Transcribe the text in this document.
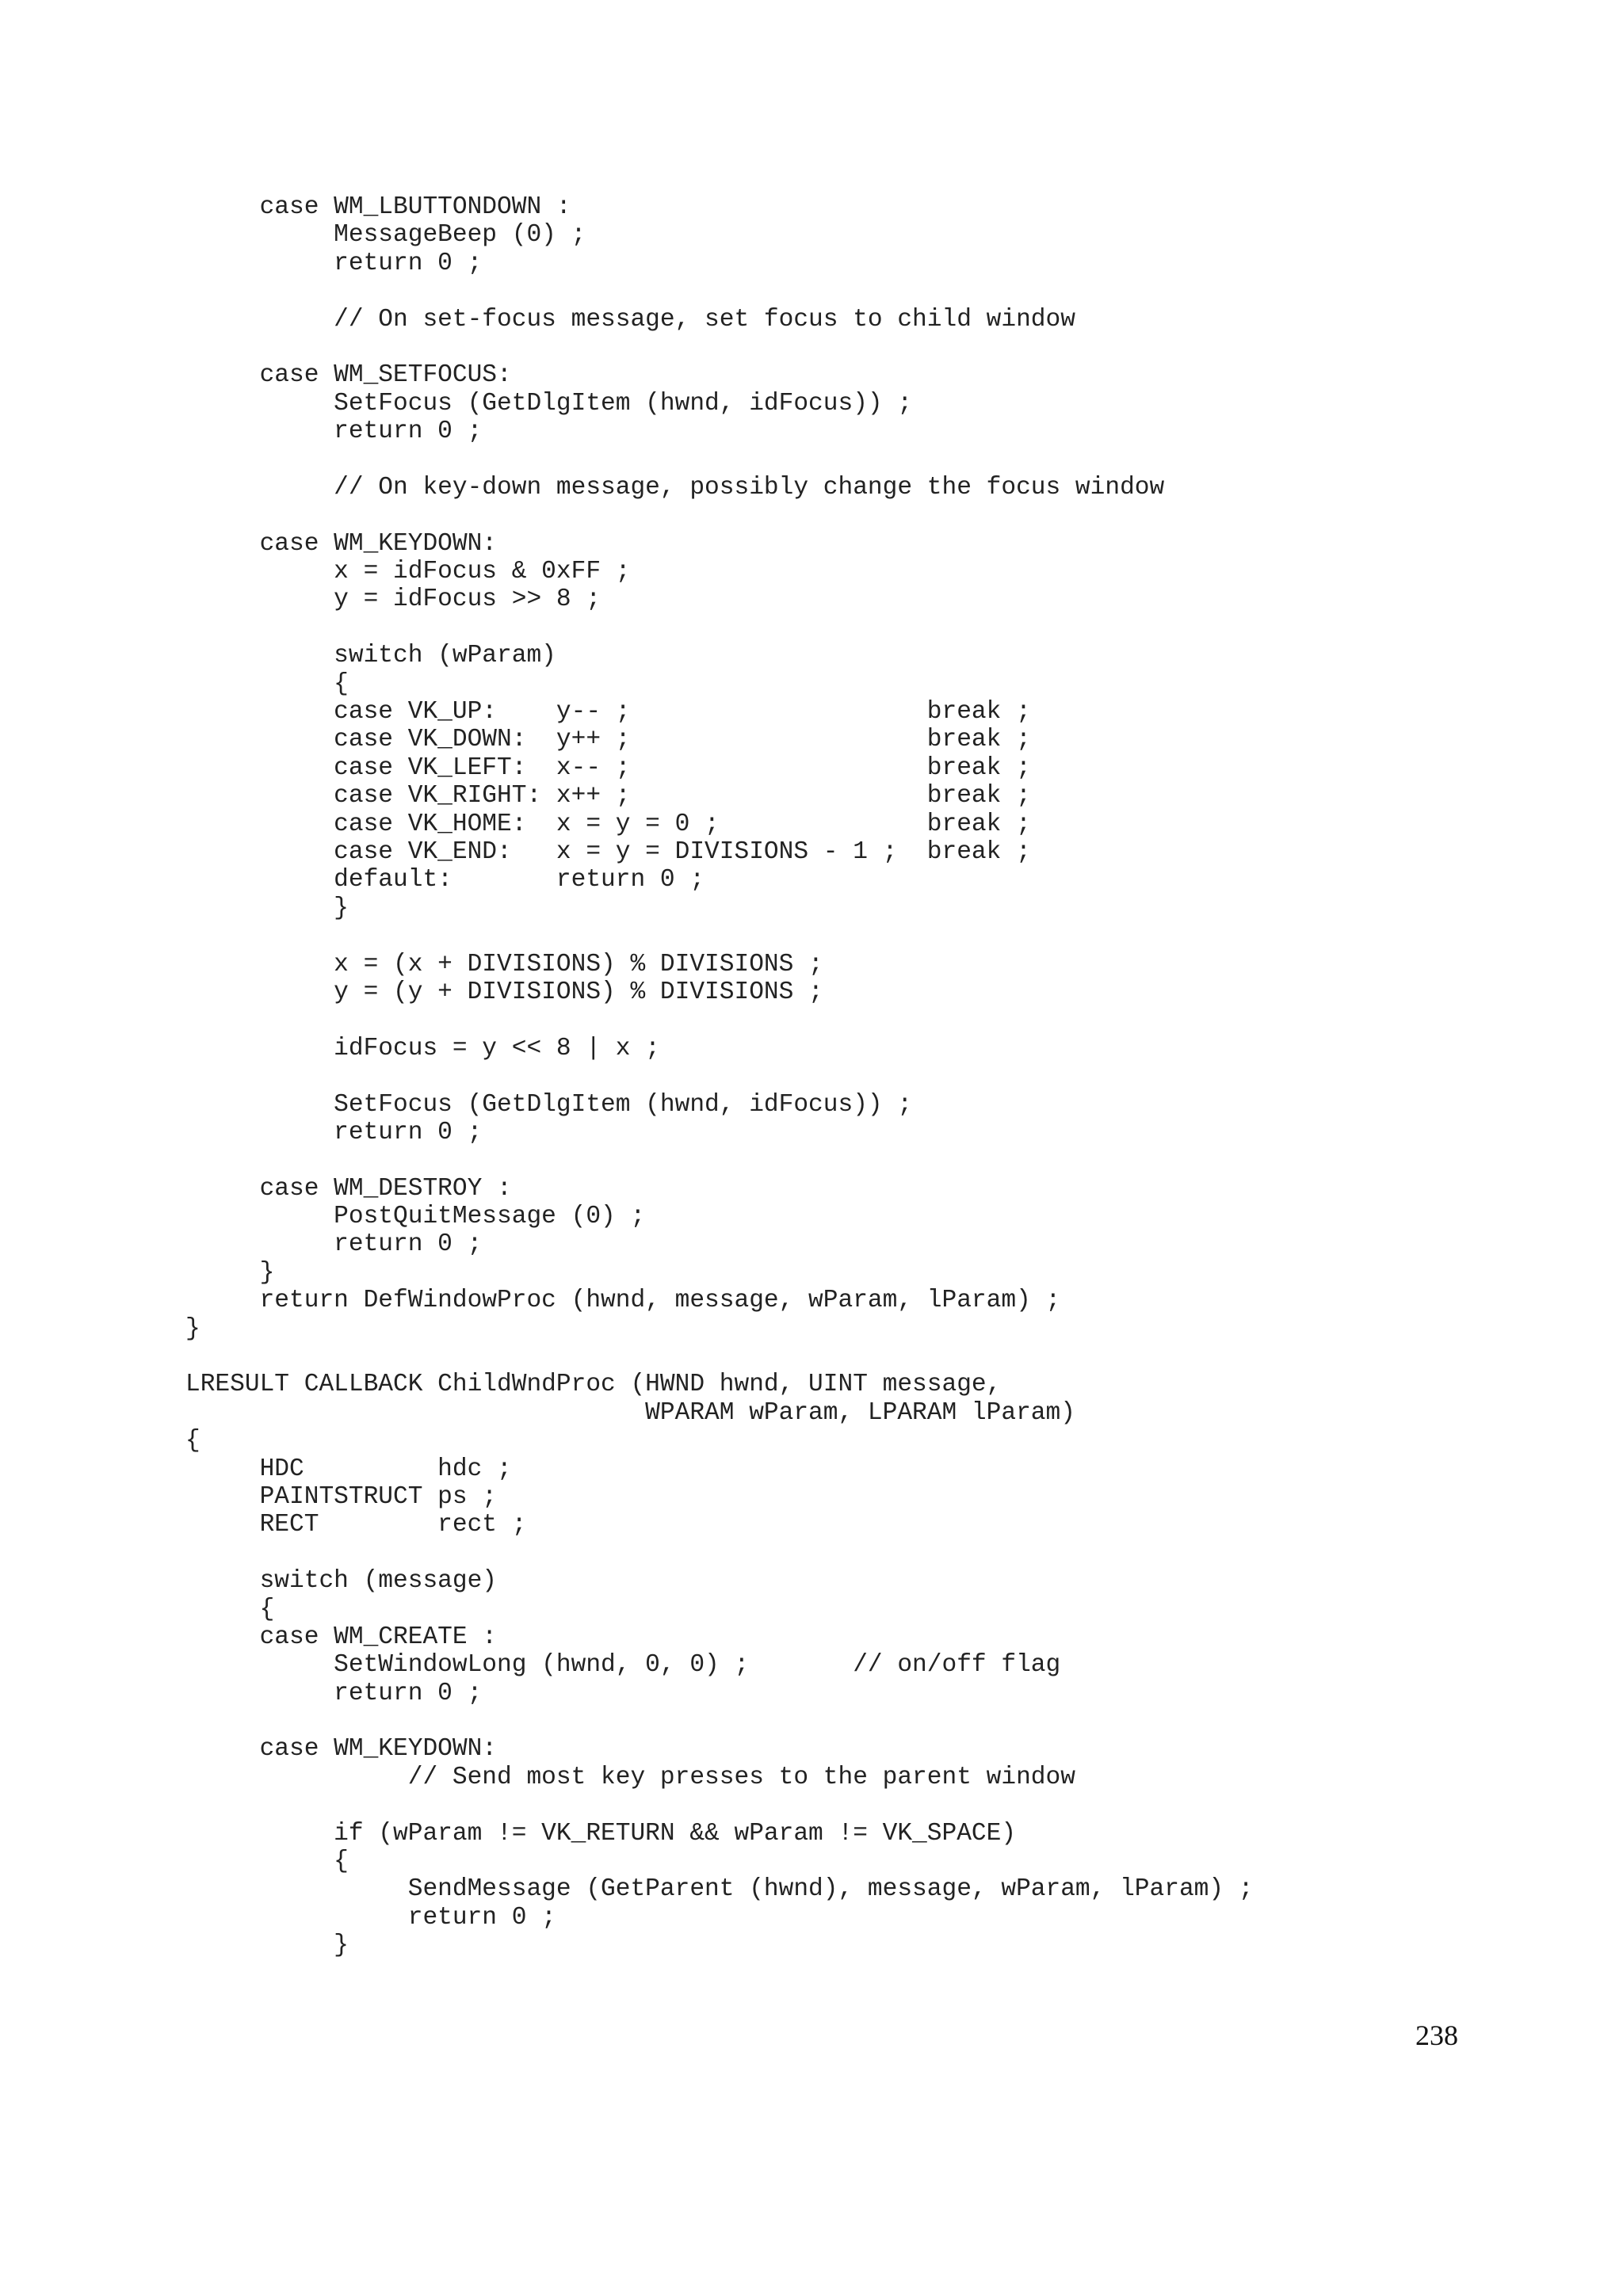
case WM_LBUTTONDOWN :
MessageBeep (0) ;
return 0 ;
// On set-focus message, set focus to child window
case WM_SETFOCUS:
SetFocus (GetDlgItem (hwnd, idFocus)) ;
return 0 ;
// On key-down message, possibly change the focus window
case WM_KEYDOWN:
x = idFocus & 0xFF ;
y = idFocus >> 8 ;
switch (wParam)
{
case VK_UP:    y-- ;                    break ;
case VK_DOWN:  y++ ;                    break ;
case VK_LEFT:  x-- ;                    break ;
case VK_RIGHT: x++ ;                    break ;
case VK_HOME:  x = y = 0 ;              break ;
case VK_END:   x = y = DIVISIONS - 1 ;  break ;
default:       return 0 ;
}
x = (x + DIVISIONS) % DIVISIONS ;
y = (y + DIVISIONS) % DIVISIONS ;
idFocus = y << 8 | x ;
SetFocus (GetDlgItem (hwnd, idFocus)) ;
return 0 ;
case WM_DESTROY :
PostQuitMessage (0) ;
return 0 ;
}
return DefWindowProc (hwnd, message, wParam, lParam) ;
}
LRESULT CALLBACK ChildWndProc (HWND hwnd, UINT message,
WPARAM wParam, LPARAM lParam)
{
HDC         hdc ;
PAINTSTRUCT ps ;
RECT        rect ;
switch (message)
{
case WM_CREATE :
SetWindowLong (hwnd, 0, 0) ;       // on/off flag
return 0 ;
case WM_KEYDOWN:
// Send most key presses to the parent window
if (wParam != VK_RETURN && wParam != VK_SPACE)
{
SendMessage (GetParent (hwnd), message, wParam, lParam) ;
return 0 ;
}
238
